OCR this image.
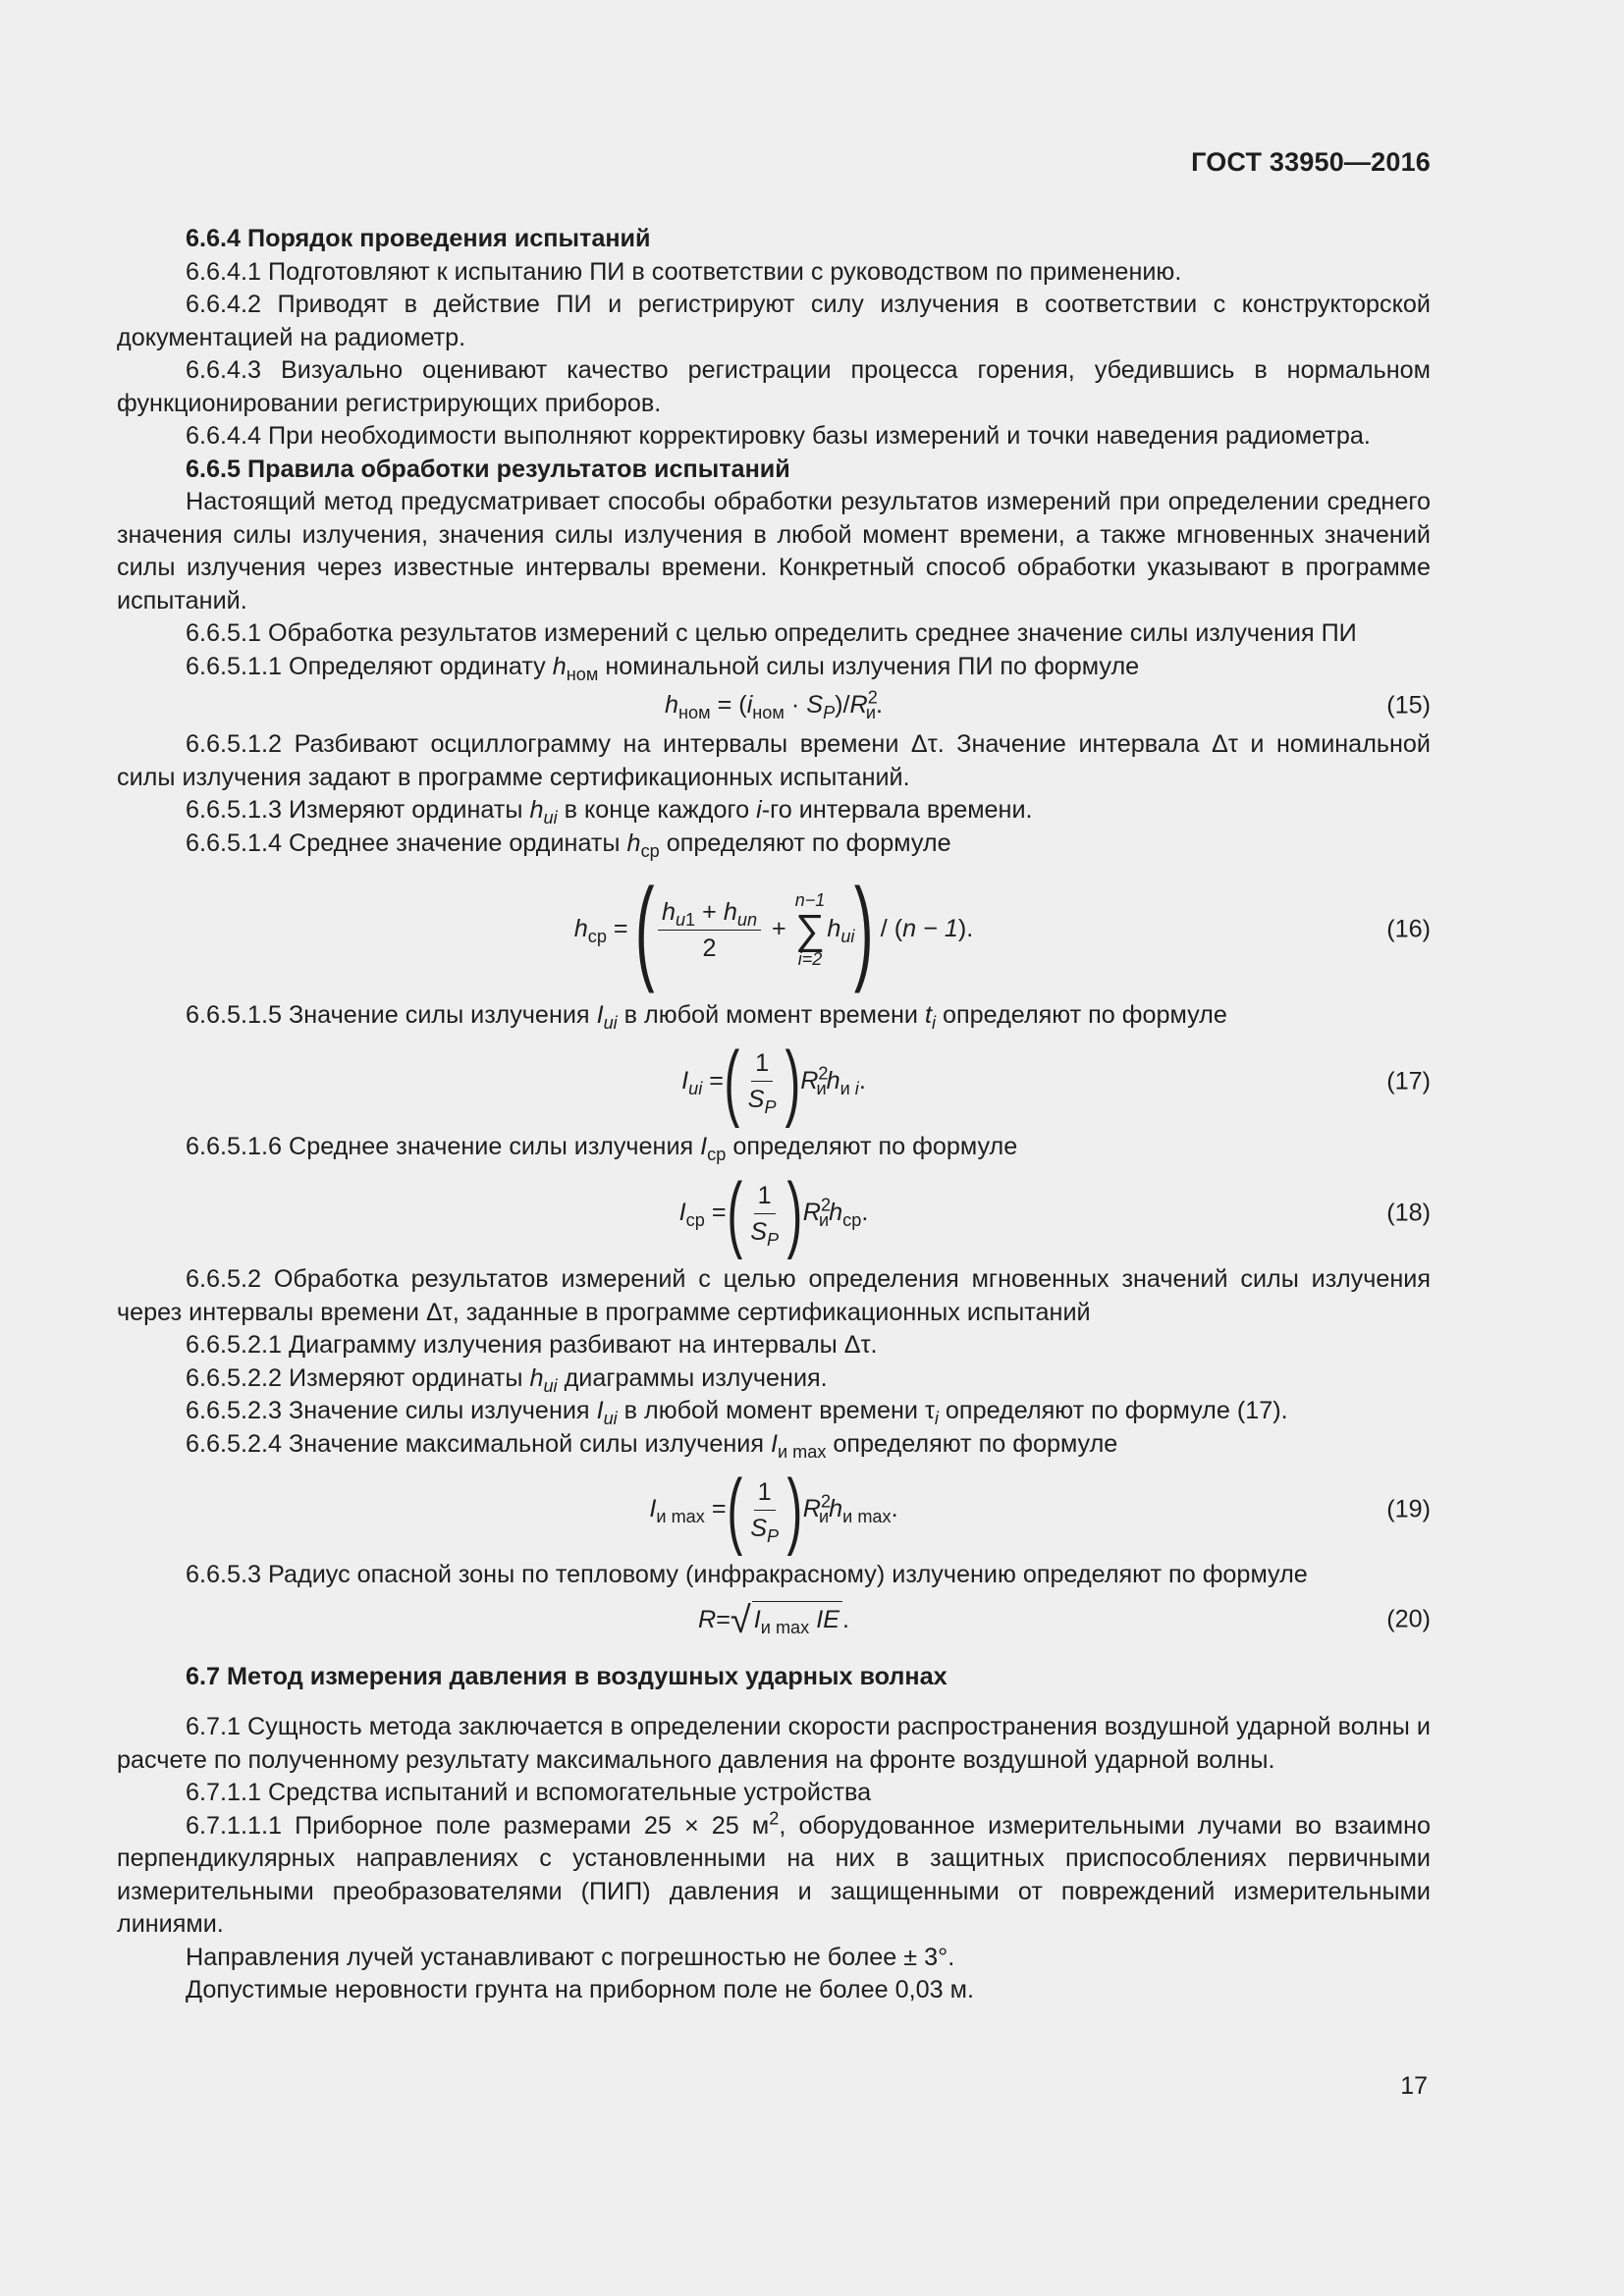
ГОСТ 33950—2016

6.6.4 Порядок проведения испытаний

6.6.4.1 Подготовляют к испытанию ПИ в соответствии с руководством по применению.

6.6.4.2 Приводят в действие ПИ и регистрируют силу излучения в соответствии с конструкторской документацией на радиометр.

6.6.4.3 Визуально оценивают качество регистрации процесса горения, убедившись в нормальном функционировании регистрирующих приборов.

6.6.4.4 При необходимости выполняют корректировку базы измерений и точки наведения радиометра.

6.6.5 Правила обработки результатов испытаний

Настоящий метод предусматривает способы обработки результатов измерений при определении среднего значения силы излучения, значения силы излучения в любой момент времени, а также мгновенных значений силы излучения через известные интервалы времени. Конкретный способ обработки указывают в программе испытаний.

6.6.5.1 Обработка результатов измерений с целью определить среднее значение силы излучения ПИ

6.6.5.1.1 Определяют ординату $h_{ном}$ номинальной силы излучения ПИ по формуле

$h_{ном} = (i_{ном} \cdot S_P)/R^2_и$.	(15)

6.6.5.1.2 Разбивают осциллограмму на интервалы времени Δτ. Значение интервала Δτ и номинальной силы излучения задают в программе сертификационных испытаний.

6.6.5.1.3 Измеряют ординаты $h_{иi}$ в конце каждого i-го интервала времени.

6.6.5.1.4 Среднее значение ординаты $h_{ср}$ определяют по формуле

$h_{ср}$ = ( $\frac{h_{и1} + h_{иn}}{2}$ +
n−1
∑
i=2
$h_{иi}$ ) / (n − 1).	(16)

6.6.5.1.5 Значение силы излучения $I_{иi}$ в любой момент времени $t_i$ определяют по формуле

$I_{иi}$ = ( $\frac{1}{S_P}$ ) $R^2_иh_{и i}$.	(17)

6.6.5.1.6 Среднее значение силы излучения $I_{ср}$ определяют по формуле

$I_{ср}$ = ( $\frac{1}{S_P}$ ) $R^2_иh_{ср}$.	(18)

6.6.5.2 Обработка результатов измерений с целью определения мгновенных значений силы излучения через интервалы времени Δτ, заданные в программе сертификационных испытаний

6.6.5.2.1 Диаграмму излучения разбивают на интервалы Δτ.

6.6.5.2.2 Измеряют ординаты $h_{иi}$ диаграммы излучения.

6.6.5.2.3 Значение силы излучения $I_{иi}$ в любой момент времени $\tau_i$ определяют по формуле (17).

6.6.5.2.4 Значение максимальной силы излучения $I_{и max}$ определяют по формуле

$I_{и max}$ = ( $\frac{1}{S_P}$ ) $R^2_иh_{и max}$.	(19)

6.6.5.3 Радиус опасной зоны по тепловому (инфракрасному) излучению определяют по формуле

R = √ $I_{и max}$ IE .	(20)

6.7 Метод измерения давления в воздушных ударных волнах

6.7.1 Сущность метода заключается в определении скорости распространения воздушной ударной волны и расчете по полученному результату максимального давления на фронте воздушной ударной волны.

6.7.1.1 Средства испытаний и вспомогательные устройства

6.7.1.1.1 Приборное поле размерами 25 × 25 $м^2$, оборудованное измерительными лучами во взаимно перпендикулярных направлениях с установленными на них в защитных приспособлениях первичными измерительными преобразователями (ПИП) давления и защищенными от повреждений измерительными линиями.

Направления лучей устанавливают с погрешностью не более ± 3°.

Допустимые неровности грунта на приборном поле не более 0,03 м.

17
